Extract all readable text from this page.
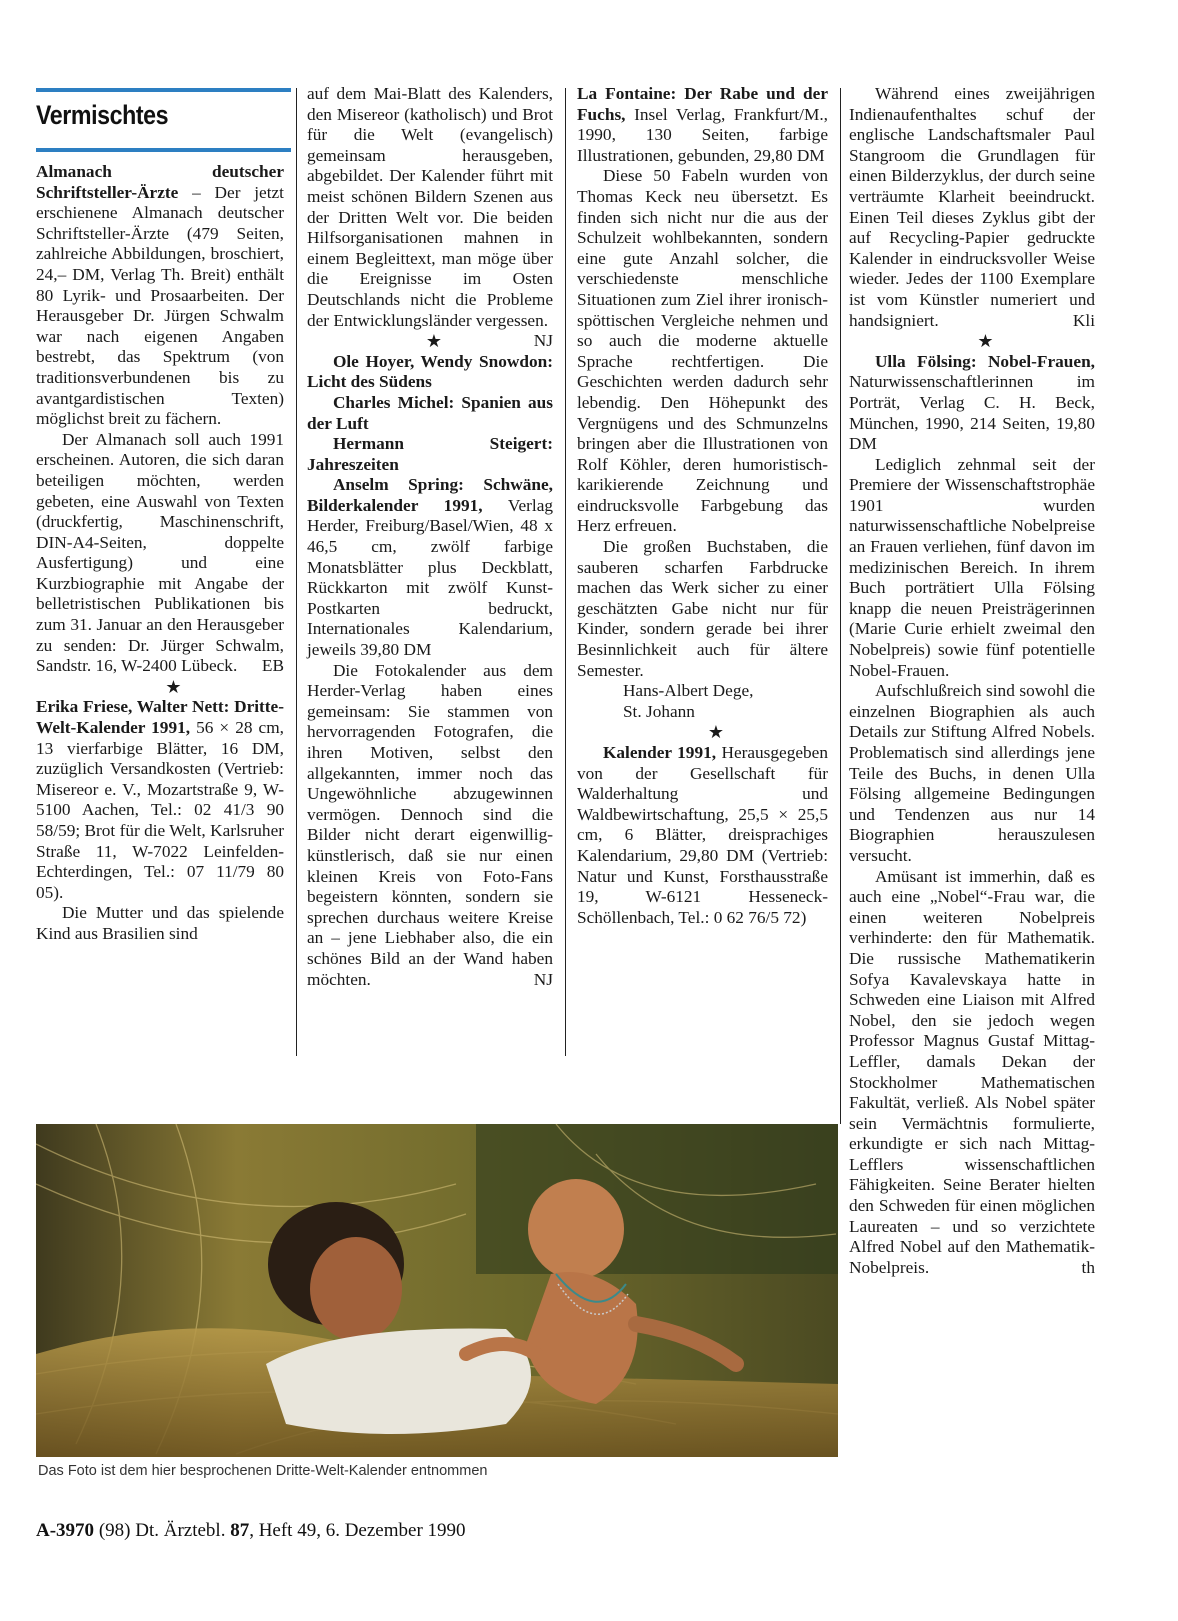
Vermischtes

Almanach deutscher Schriftsteller-Ärzte – Der jetzt erschienene Almanach deutscher Schriftsteller-Ärzte (479 Seiten, zahlreiche Abbildungen, broschiert, 24,– DM, Verlag Th. Breit) enthält 80 Lyrik- und Prosaarbeiten. Der Herausgeber Dr. Jürgen Schwalm war nach eigenen Angaben bestrebt, das Spektrum (von traditionsverbundenen bis zu avantgardistischen Texten) möglichst breit zu fächern.

Der Almanach soll auch 1991 erscheinen. Autoren, die sich daran beteiligen möchten, werden gebeten, eine Auswahl von Texten (druckfertig, Maschinenschrift, DIN-A4-Seiten, doppelte Ausfertigung) und eine Kurzbiographie mit Angabe der belletristischen Publikationen bis zum 31. Januar an den Herausgeber zu senden: Dr. Jürger Schwalm, Sandstr. 16, W-2400 Lübeck. EB

★

Erika Friese, Walter Nett: Dritte-Welt-Kalender 1991, 56 × 28 cm, 13 vierfarbige Blätter, 16 DM, zuzüglich Versandkosten (Vertrieb: Misereor e. V., Mozartstraße 9, W-5100 Aachen, Tel.: 02 41/3 90 58/59; Brot für die Welt, Karlsruher Straße 11, W-7022 Leinfelden-Echterdingen, Tel.: 07 11/79 80 05).

Die Mutter und das spielende Kind aus Brasilien sind

auf dem Mai-Blatt des Kalenders, den Misereor (katholisch) und Brot für die Welt (evangelisch) gemeinsam herausgeben, abgebildet. Der Kalender führt mit meist schönen Bildern Szenen aus der Dritten Welt vor. Die beiden Hilfsorganisationen mahnen in einem Begleittext, man möge über die Ereignisse im Osten Deutschlands nicht die Probleme der Entwicklungsländer vergessen.
NJ

★

Ole Hoyer, Wendy Snowdon: Licht des Südens

Charles Michel: Spanien aus der Luft

Hermann Steigert: Jahreszeiten

Anselm Spring: Schwäne, Bilderkalender 1991, Verlag Herder, Freiburg/Basel/Wien, 48 x 46,5 cm, zwölf farbige Monatsblätter plus Deckblatt, Rückkarton mit zwölf Kunst-Postkarten bedruckt, Internationales Kalendarium, jeweils 39,80 DM

Die Fotokalender aus dem Herder-Verlag haben eines gemeinsam: Sie stammen von hervorragenden Fotografen, die ihren Motiven, selbst den allgekannten, immer noch das Ungewöhnliche abzugewinnen vermögen. Dennoch sind die Bilder nicht derart eigenwillig-künstlerisch, daß sie nur einen kleinen Kreis von Foto-Fans begeistern könnten, sondern sie sprechen durchaus weitere Kreise an – jene Liebhaber also, die ein schönes Bild an der Wand haben möchten.	NJ

La Fontaine: Der Rabe und der Fuchs, Insel Verlag, Frankfurt/M., 1990, 130 Seiten, farbige Illustrationen, gebunden, 29,80 DM

Diese 50 Fabeln wurden von Thomas Keck neu übersetzt. Es finden sich nicht nur die aus der Schulzeit wohlbekannten, sondern eine gute Anzahl solcher, die verschiedenste menschliche Situationen zum Ziel ihrer ironisch-spöttischen Vergleiche nehmen und so auch die moderne aktuelle Sprache rechtfertigen. Die Geschichten werden dadurch sehr lebendig. Den Höhepunkt des Vergnügens und des Schmunzelns bringen aber die Illustrationen von Rolf Köhler, deren humoristisch-karikierende Zeichnung und eindrucksvolle Farbgebung das Herz erfreuen.

Die großen Buchstaben, die sauberen scharfen Farbdrucke machen das Werk sicher zu einer geschätzten Gabe nicht nur für Kinder, sondern gerade bei ihrer Besinnlichkeit auch für ältere Semester.

Hans-Albert Dege,

St. Johann

★

Kalender 1991, Herausgegeben von der Gesellschaft für Walderhaltung und Waldbewirtschaftung, 25,5 × 25,5 cm, 6 Blätter, dreisprachiges Kalendarium, 29,80 DM (Vertrieb: Natur und Kunst, Forsthausstraße 19, W-6121 Hesseneck-Schöllenbach, Tel.: 0 62 76/5 72)

Während eines zweijährigen Indienaufenthaltes schuf der englische Landschaftsmaler Paul Stangroom die Grundlagen für einen Bilderzyklus, der durch seine verträumte Klarheit beeindruckt. Einen Teil dieses Zyklus gibt der auf Recycling-Papier gedruckte Kalender in eindrucksvoller Weise wieder. Jedes der 1100 Exemplare ist vom Künstler numeriert und handsigniert.	Kli

★

Ulla Fölsing: Nobel-Frauen, Naturwissenschaftlerinnen im Porträt, Verlag C. H. Beck, München, 1990, 214 Seiten, 19,80 DM

Lediglich zehnmal seit der Premiere der Wissenschaftstrophäe 1901 wurden naturwissenschaftliche Nobelpreise an Frauen verliehen, fünf davon im medizinischen Bereich. In ihrem Buch porträtiert Ulla Fölsing knapp die neuen Preisträgerinnen (Marie Curie erhielt zweimal den Nobelpreis) sowie fünf potentielle Nobel-Frauen.

Aufschlußreich sind sowohl die einzelnen Biographien als auch Details zur Stiftung Alfred Nobels. Problematisch sind allerdings jene Teile des Buchs, in denen Ulla Fölsing allgemeine Bedingungen und Tendenzen aus nur 14 Biographien herauszulesen versucht.

Amüsant ist immerhin, daß es auch eine „Nobel“-Frau war, die einen weiteren Nobelpreis verhinderte: den für Mathematik. Die russische Mathematikerin Sofya Kavalevskaya hatte in Schweden eine Liaison mit Alfred Nobel, den sie jedoch wegen Professor Magnus Gustaf Mittag-Leffler, damals Dekan der Stockholmer Mathematischen Fakultät, verließ. Als Nobel später sein Vermächtnis formulierte, erkundigte er sich nach Mittag-Lefflers wissenschaftlichen Fähigkeiten. Seine Berater hielten den Schweden für einen möglichen Laureaten – und so verzichtete Alfred Nobel auf den Mathematik-Nobelpreis.	th

Das Foto ist dem hier besprochenen Dritte-Welt-Kalender entnommen
A-3970 (98) Dt. Ärztebl. 87, Heft 49, 6. Dezember 1990
